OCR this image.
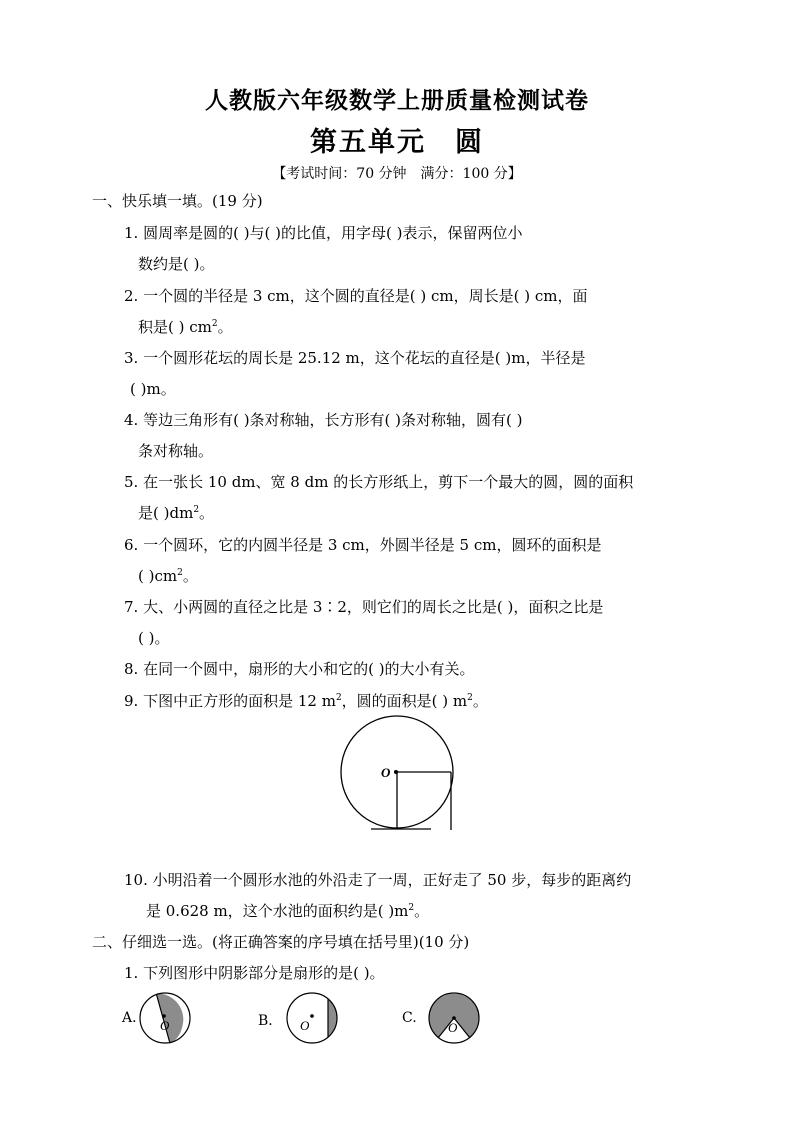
人教版六年级数学上册质量检测试卷
第五单元　圆
【考试时间：70 分钟　满分：100 分】
一、快乐填一填。(19 分)
1. 圆周率是圆的( )与( )的比值，用字母( )表示，保留两位小
数约是( )。
2. 一个圆的半径是 3 cm，这个圆的直径是( ) cm，周长是( ) cm，面
积是( ) $cm^2$。
3. 一个圆形花坛的周长是 25.12 m，这个花坛的直径是( )m，半径是
( )m。
4. 等边三角形有( )条对称轴，长方形有( )条对称轴，圆有( )
条对称轴。
5. 在一张长 10 dm、宽 8 dm 的长方形纸上，剪下一个最大的圆，圆的面积
是( )$dm^2$。
6. 一个圆环，它的内圆半径是 3 cm，外圆半径是 5 cm，圆环的面积是
( )$cm^2$。
7. 大、小两圆的直径之比是 3∶2，则它们的周长之比是( )，面积之比是
( )。
8. 在同一个圆中，扇形的大小和它的( )的大小有关。
9. 下图中正方形的面积是 12 $m^2$，圆的面积是( ) $m^2$。
O
10. 小明沿着一个圆形水池的外沿走了一周，正好走了 50 步，每步的距离约
是 0.628 m，这个水池的面积约是( )$m^2$。
二、仔细选一选。(将正确答案的序号填在括号里)(10 分)
1. 下列图形中阴影部分是扇形的是( )。
A. O	B． O	C.
O
